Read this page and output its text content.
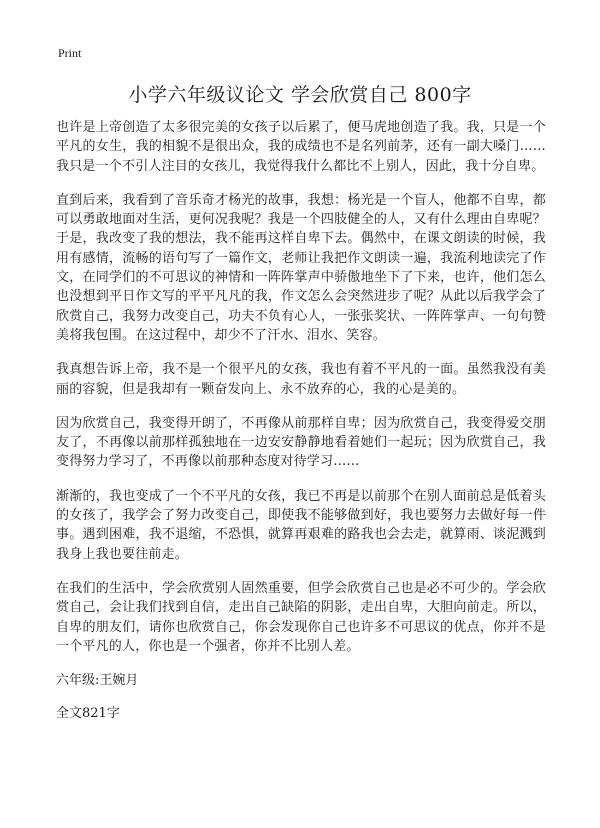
Print
小学六年级议论文 学会欣赏自己 800字

也许是上帝创造了太多很完美的女孩子以后累了，便马虎地创造了我。我，只是一个平凡的女生，我的相貌不是很出众，我的成绩也不是名列前茅，还有一副大嗓门……我只是一个不引人注目的女孩儿，我觉得我什么都比不上别人，因此，我十分自卑。

直到后来，我看到了音乐奇才杨光的故事，我想：杨光是一个盲人，他都不自卑，都可以勇敢地面对生活，更何况我呢？我是一个四肢健全的人，又有什么理由自卑呢？于是，我改变了我的想法，我不能再这样自卑下去。偶然中，在课文朗读的时候，我用有感情，流畅的语句写了一篇作文，老师让我把作文朗读一遍，我流利地读完了作文，在同学们的不可思议的神情和一阵阵掌声中骄傲地坐下了下来，也许，他们怎么也没想到平日作文写的平平凡凡的我，作文怎么会突然进步了呢？从此以后我学会了欣赏自己，我努力改变自己，功夫不负有心人，一张张奖状、一阵阵掌声、一句句赞美将我包围。在这过程中，却少不了汗水、泪水、笑容。

我真想告诉上帝，我不是一个很平凡的女孩，我也有着不平凡的一面。虽然我没有美丽的容貌，但是我却有一颗奋发向上、永不放弃的心，我的心是美的。

因为欣赏自己，我变得开朗了，不再像从前那样自卑；因为欣赏自己，我变得爱交朋友了，不再像以前那样孤独地在一边安安静静地看着她们一起玩；因为欣赏自己，我变得努力学习了，不再像以前那种态度对待学习……

渐渐的，我也变成了一个不平凡的女孩，我已不再是以前那个在别人面前总是低着头的女孩了，我学会了努力改变自己，即使我不能够做到好，我也要努力去做好每一件事。遇到困难，我不退缩，不恐惧，就算再艰难的路我也会去走，就算雨、谈泥溅到我身上我也要往前走。

在我们的生活中，学会欣赏别人固然重要，但学会欣赏自己也是必不可少的。学会欣赏自己，会让我们找到自信，走出自己缺陷的阴影，走出自卑，大胆向前走。所以，自卑的朋友们，请你也欣赏自己，你会发现你自己也许多不可思议的优点，你并不是一个平凡的人，你也是一个强者，你并不比别人差。

六年级:王婉月

全文821字
